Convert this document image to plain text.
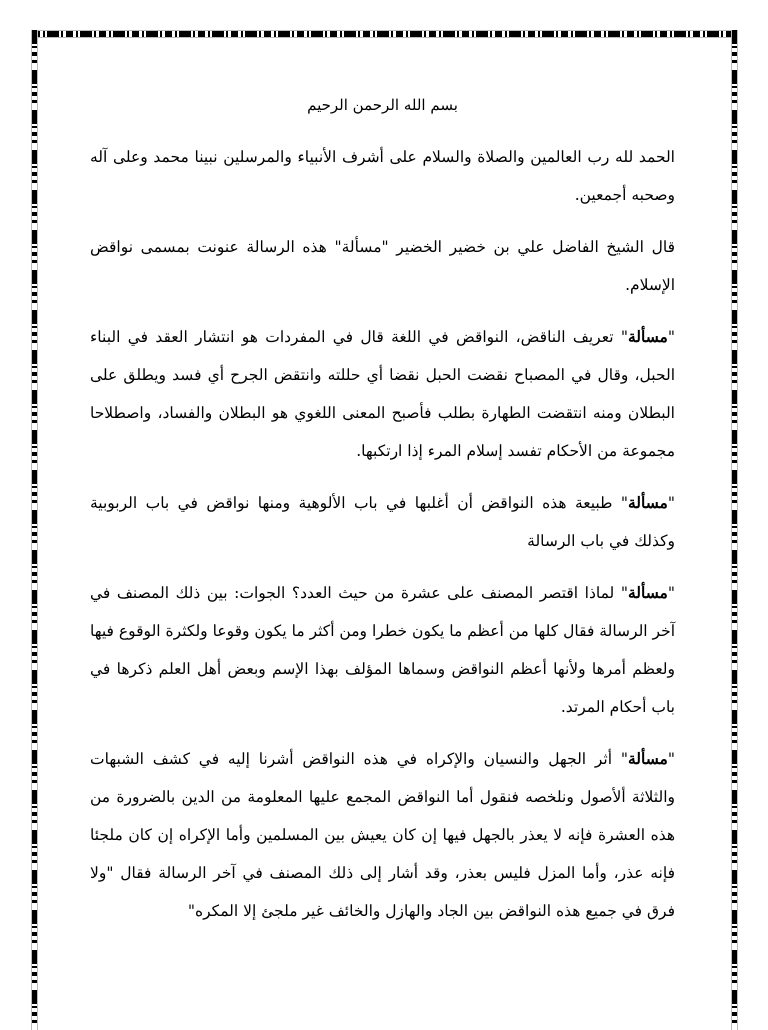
بسم الله الرحمن الرحيم

الحمد لله رب العالمين والصلاة والسلام على أشرف الأنبياء والمرسلين نبينا محمد وعلى آله وصحبه أجمعين.

قال الشيخ الفاضل علي بن خضير الخضير "مسألة" هذه الرسالة عنونت بمسمى نواقض الإسلام.

"مسألة" تعريف الناقض، النواقض في اللغة قال في المفردات هو انتشار العقد في البناء الحبل، وقال في المصباح نقضت الحبل نقضا أي حللته وانتقض الجرح أي فسد ويطلق على البطلان ومنه انتقضت الطهارة بطلب فأصبح المعنى اللغوي هو البطلان والفساد، واصطلاحا مجموعة من الأحكام تفسد إسلام المرء إذا ارتكبها.

"مسألة" طبيعة هذه النواقض أن أغلبها في باب الألوهية ومنها نواقض في باب الربوبية وكذلك في باب الرسالة

"مسألة" لماذا اقتصر المصنف على عشرة من حيث العدد؟ الجوات: بين ذلك المصنف في آخر الرسالة فقال كلها من أعظم ما يكون خطرا ومن أكثر ما يكون وقوعا ولكثرة الوقوع فيها ولعظم أمرها ولأنها أعظم النواقض وسماها المؤلف بهذا الإسم وبعض أهل العلم ذكرها في باب أحكام المرتد.

"مسألة" أثر الجهل والنسيان والإكراه في هذه النواقض أشرنا إليه في كشف الشبهات والثلاثة ألأصول ونلخصه فنقول أما النواقض المجمع عليها المعلومة من الدين بالضرورة من هذه العشرة فإنه لا يعذر بالجهل فيها إن كان يعيش بين المسلمين وأما الإكراه إن كان ملجئا فإنه عذر، وأما المزل فليس بعذر، وقد أشار إلى ذلك المصنف في آخر الرسالة فقال "ولا فرق في جميع هذه النواقض بين الجاد والهازل والخائف غير ملجئ إلا المكره"
